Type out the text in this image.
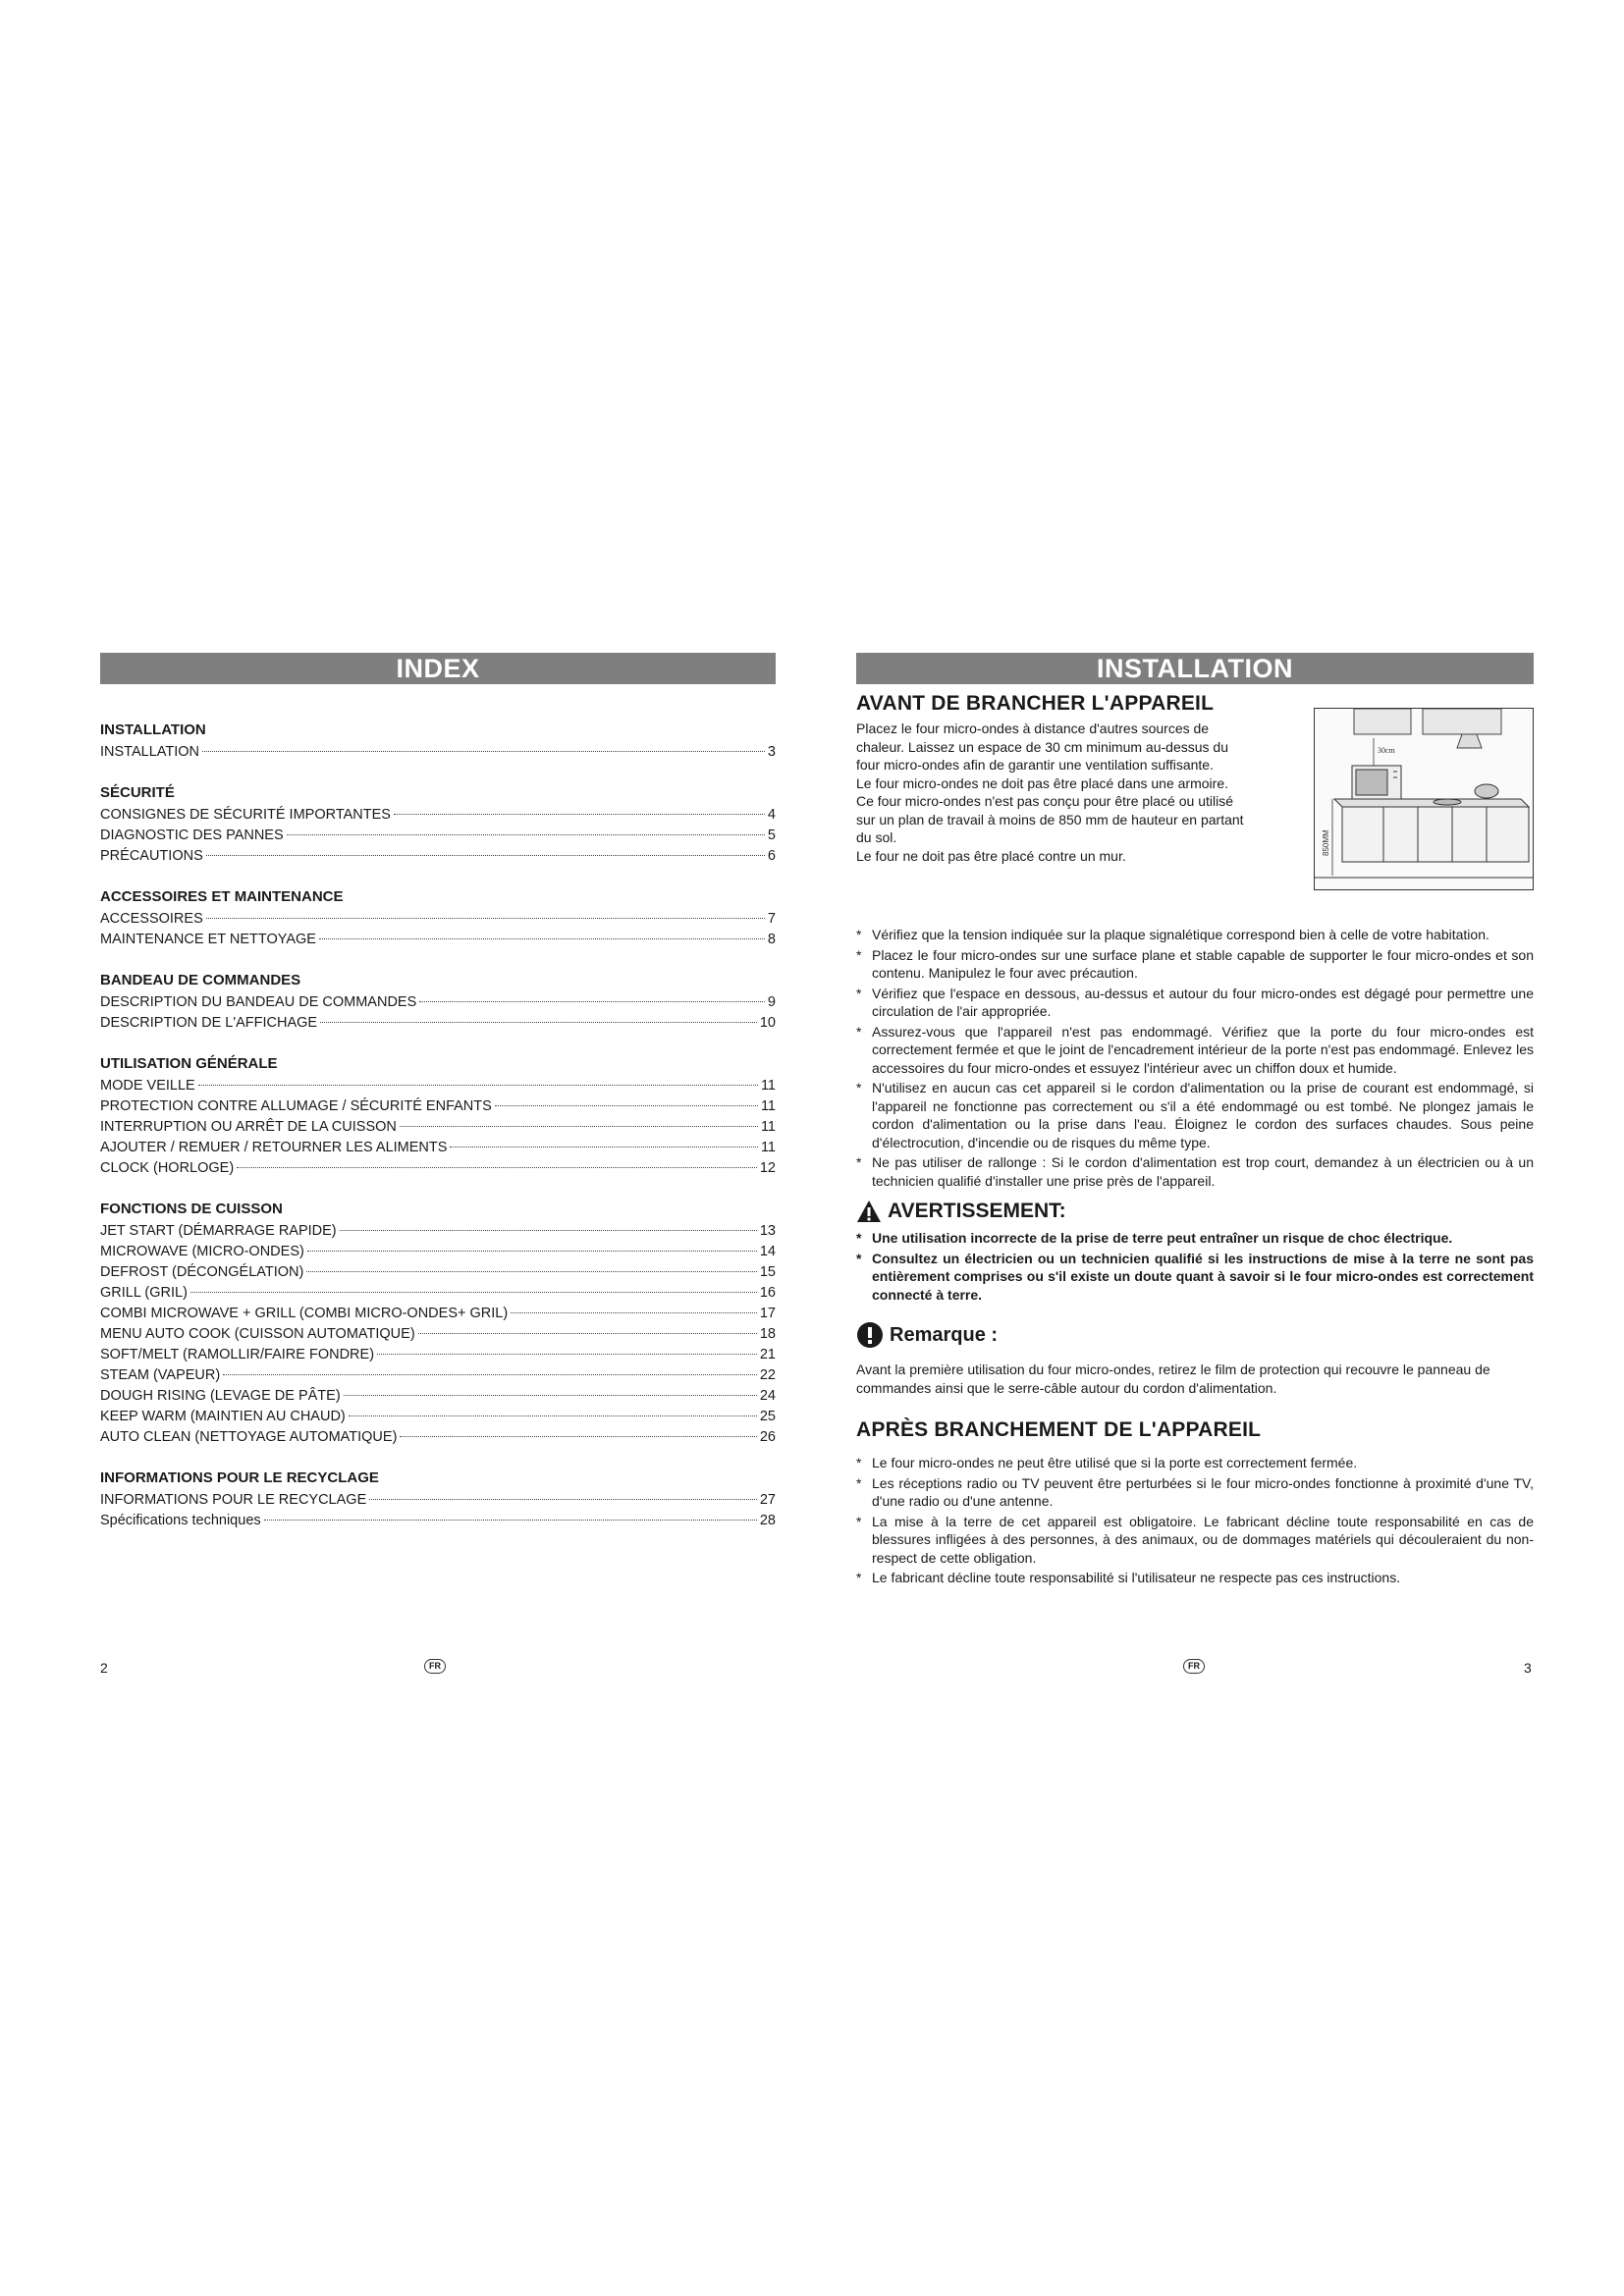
INDEX
INSTALLATION
INSTALLATION	3
SÉCURITÉ
CONSIGNES DE SÉCURITÉ IMPORTANTES	4
DIAGNOSTIC DES PANNES	5
PRÉCAUTIONS	6
ACCESSOIRES ET MAINTENANCE
ACCESSOIRES	7
MAINTENANCE ET NETTOYAGE	8
BANDEAU DE COMMANDES
DESCRIPTION DU BANDEAU DE COMMANDES	9
DESCRIPTION DE L'AFFICHAGE	10
UTILISATION GÉNÉRALE
MODE VEILLE	11
PROTECTION CONTRE ALLUMAGE / SÉCURITÉ ENFANTS	11
INTERRUPTION OU ARRÊT DE LA CUISSON	11
AJOUTER / REMUER / RETOURNER LES ALIMENTS	11
CLOCK (HORLOGE)	12
FONCTIONS DE CUISSON
JET START (DÉMARRAGE RAPIDE)	13
MICROWAVE (MICRO-ONDES)	14
DEFROST (DÉCONGÉLATION)	15
GRILL (GRIL)	16
COMBI MICROWAVE + GRILL (COMBI MICRO-ONDES+ GRIL)	17
MENU AUTO COOK (CUISSON AUTOMATIQUE)	18
SOFT/MELT (RAMOLLIR/FAIRE FONDRE)	21
STEAM (VAPEUR)	22
DOUGH RISING (LEVAGE DE PÂTE)	24
KEEP WARM (MAINTIEN AU CHAUD)	25
AUTO CLEAN (NETTOYAGE AUTOMATIQUE)	26
INFORMATIONS POUR LE RECYCLAGE
INFORMATIONS POUR LE RECYCLAGE	27
Spécifications techniques	28
INSTALLATION
AVANT DE BRANCHER L'APPAREIL

Placez le four micro-ondes à distance d'autres sources de chaleur. Laissez un espace de 30 cm minimum au-dessus du four micro-ondes afin de garantir une ventilation suffisante.

Le four micro-ondes ne doit pas être placé dans une armoire. Ce four micro-ondes n'est pas conçu pour être placé ou utilisé sur un plan de travail à moins de 850 mm de hauteur en partant du sol.

Le four ne doit pas être placé contre un mur.

30cm
850MM
* Vérifiez que la tension indiquée sur la plaque signalétique correspond bien à celle de votre habitation.
* Placez le four micro-ondes sur une surface plane et stable capable de supporter le four micro-ondes et son contenu. Manipulez le four avec précaution.
* Vérifiez que l'espace en dessous, au-dessus et autour du four micro-ondes est dégagé pour permettre une circulation de l'air appropriée.
* Assurez-vous que l'appareil n'est pas endommagé. Vérifiez que la porte du four micro-ondes est correctement fermée et que le joint de l'encadrement intérieur de la porte n'est pas endommagé. Enlevez les accessoires du four micro-ondes et essuyez l'intérieur avec un chiffon doux et humide.
* N'utilisez en aucun cas cet appareil si le cordon d'alimentation ou la prise de courant est endommagé, si l'appareil ne fonctionne pas correctement ou s'il a été endommagé ou est tombé. Ne plongez jamais le cordon d'alimentation ou la prise dans l'eau. Éloignez le cordon des surfaces chaudes. Sous peine d'électrocution, d'incendie ou de risques du même type.
* Ne pas utiliser de rallonge : Si le cordon d'alimentation est trop court, demandez à un électricien ou à un technicien qualifié d'installer une prise près de l'appareil.
AVERTISSEMENT:
* Une utilisation incorrecte de la prise de terre peut entraîner un risque de choc électrique.
* Consultez un électricien ou un technicien qualifié si les instructions de mise à la terre ne sont pas entièrement comprises ou s'il existe un doute quant à savoir si le four micro-ondes est correctement connecté à terre.
Remarque :

Avant la première utilisation du four micro-ondes, retirez le film de protection qui recouvre le panneau de commandes ainsi que le serre-câble autour du cordon d'alimentation.

APRÈS BRANCHEMENT DE L'APPAREIL
* Le four micro-ondes ne peut être utilisé que si la porte est correctement fermée.
* Les réceptions radio ou TV peuvent être perturbées si le four micro-ondes fonctionne à proximité d'une TV, d'une radio ou d'une antenne.
* La mise à la terre de cet appareil est obligatoire. Le fabricant décline toute responsabilité en cas de blessures infligées à des personnes, à des animaux, ou de dommages matériels qui découleraient du non-respect de cette obligation.
* Le fabricant décline toute responsabilité si l'utilisateur ne respecte pas ces instructions.
2	FR	3
FR
